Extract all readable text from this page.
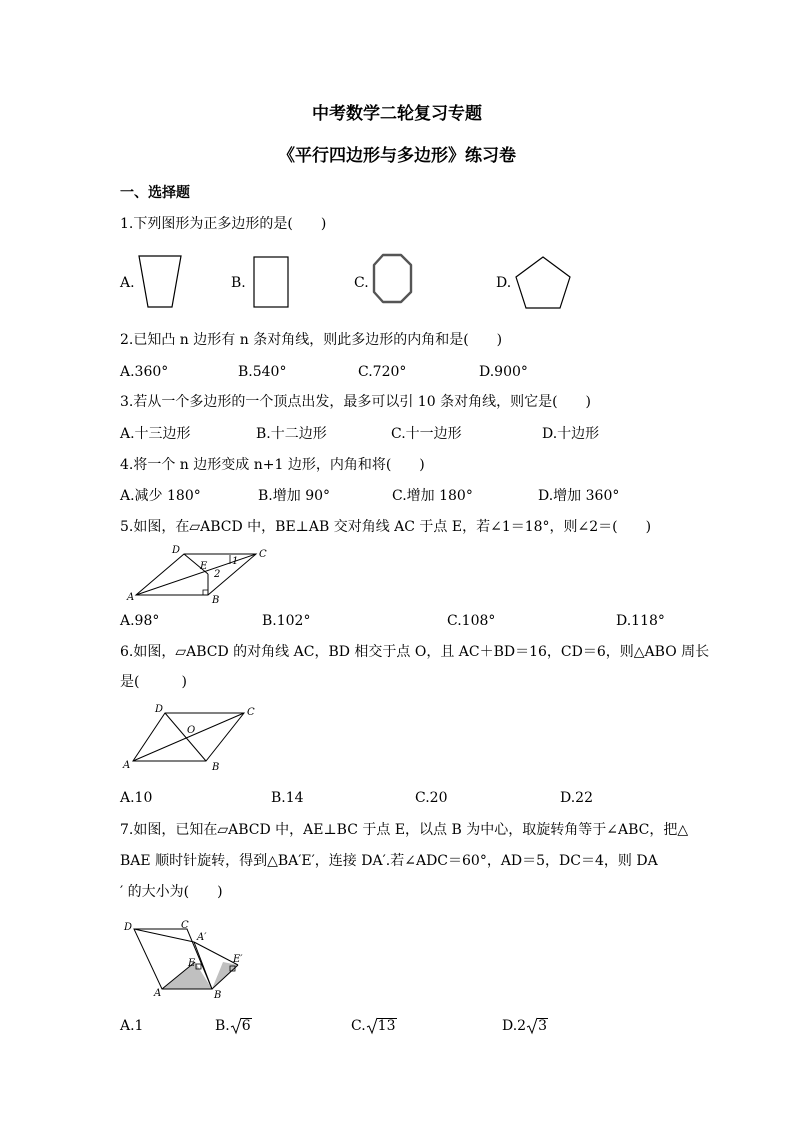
中考数学二轮复习专题
《平行四边形与多边形》练习卷
一、选择题
1.下列图形为正多边形的是(　　)
A.	B.	C.	D.
2.已知凸 n 边形有 n 条对角线，则此多边形的内角和是(　　)
A.360°	B.540°	C.720°	D.900°
3.若从一个多边形的一个顶点出发，最多可以引 10 条对角线，则它是(　　)
A.十三边形	B.十二边形	C.十一边形	D.十边形
4.将一个 n 边形变成 n+1 边形，内角和将(　　)
A.减少 180°	B.增加 90°	C.增加 180°	D.增加 360°
5.如图，在▱ABCD 中，BE⊥AB 交对角线 AC 于点 E，若∠1＝18°，则∠2＝(　　)
A	B
C
D
E 1
2
A.98°	B.102°	C.108°	D.118°
6.如图，▱ABCD 的对角线 AC，BD 相交于点 O，且 AC＋BD＝16，CD＝6，则△ABO 周长
是(　　　)
A	B
C
D
O
A.10	B.14	C.20	D.22
7.如图，已知在▱ABCD 中，AE⊥BC 于点 E，以点 B 为中心，取旋转角等于∠ABC，把△
BAE 顺时针旋转，得到△BA′E′，连接 DA′.若∠ADC＝60°，AD＝5，DC＝4，则 DA
′ 的大小为(　　)
A	B
C
D
E
A′
E′
A.1	B. 6	C. 13	D.2 3
